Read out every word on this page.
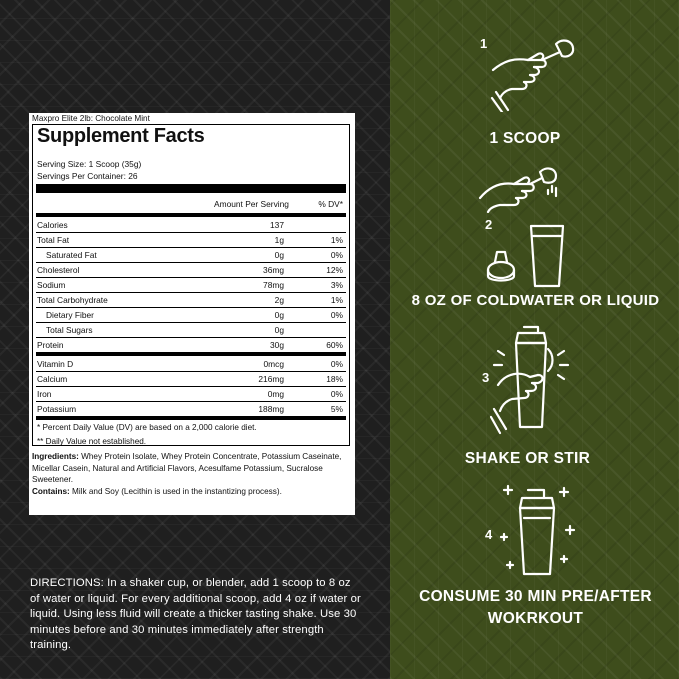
Maxpro Elite 2lb: Chocolate Mint
Supplement Facts
Serving Size: 1 Scoop (35g)
Servings Per Container: 26
Amount Per Serving	% DV*
Calories	137
Total Fat	1g	1%
Saturated Fat	0g	0%
Cholesterol	36mg	12%
Sodium	78mg	3%
Total Carbohydrate	2g	1%
Dietary Fiber	0g	0%
Total Sugars	0g
Protein	30g	60%
Vitamin D	0mcg	0%
Calcium	216mg	18%
Iron	0mg	0%
Potassium	188mg	5%
* Percent Daily Value (DV) are based on a 2,000 calorie diet.
** Daily Value not established.
Ingredients: Whey Protein Isolate, Whey Protein Concentrate, Potassium Caseinate, Micellar Casein, Natural and Artificial Flavors, Acesulfame Potassium, Sucralose Sweetener.
Contains: Milk and Soy (Lecithin is used in the instantizing process).
DIRECTIONS: In a shaker cup, or blender, add 1 scoop to 8 oz of water or liquid. For every additional scoop, add 4 oz if water or liquid. Using less fluid will create a thicker tasting shake. Use 30 minutes before and 30 minutes immediately after strength training.
1
1 SCOOP
2
8 OZ OF COLDWATER OR LIQUID
3
SHAKE OR STIR
4
CONSUME 30 MIN PRE/AFTER
WOKRKOUT
